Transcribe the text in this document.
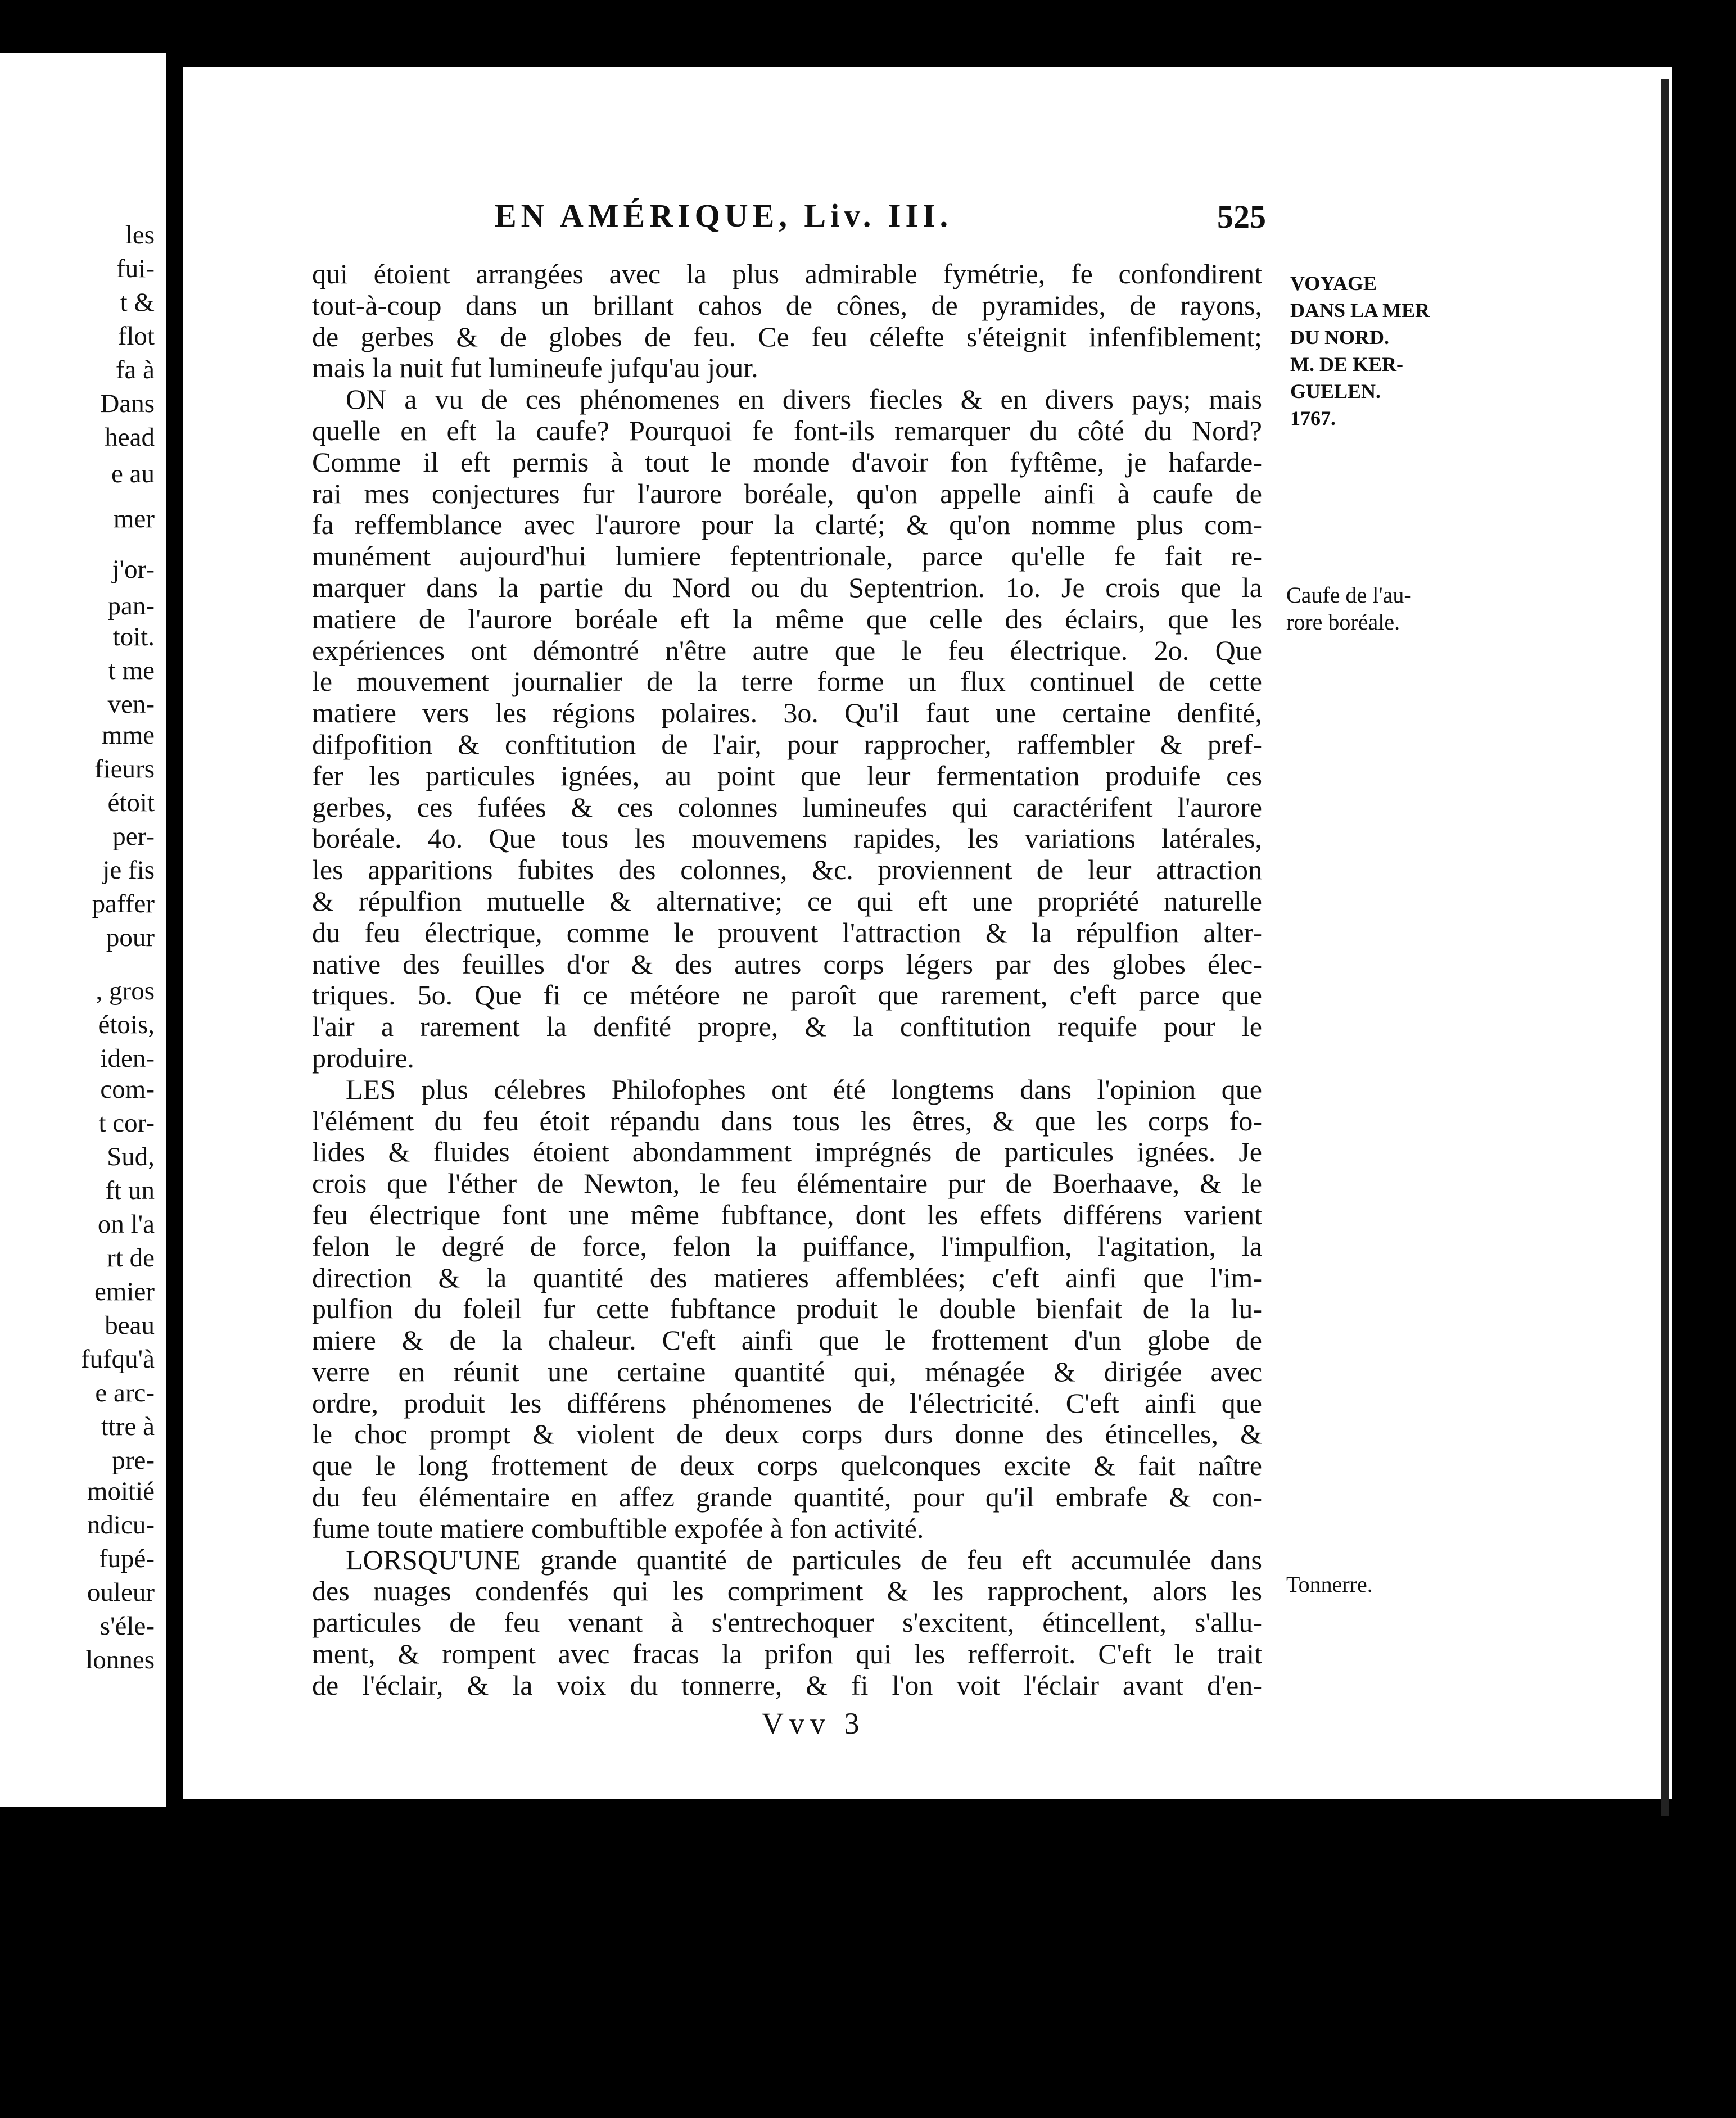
les
fui-
t &
flot
fa à
Dans
head
e au
mer
j'or-
pan-
toit.
t me
ven-
mme
fieurs
étoit
per-
je fis
paffer
pour
, gros
étois,
iden-
com-
t cor-
Sud,
ft un
on l'a
rt de
emier
beau
fufqu'à
e arc-
ttre à
pre-
moitié
ndicu-
fupé-
ouleur
s'éle-
lonnes
EN AMÉRIQUE, Liv. III.	525
VOYAGE
DANS LA MER
DU NORD.
M. DE KER-
GUELEN.
1767.
Caufe de l'au-
rore boréale.
Tonnerre.
qui étoient arrangées avec la plus admirable fymétrie, fe confondirent
tout-à-coup dans un brillant cahos de cônes, de pyramides, de rayons,
de gerbes & de globes de feu. Ce feu célefte s'éteignit infenfiblement;
mais la nuit fut lumineufe jufqu'au jour.
ON a vu de ces phénomenes en divers fiecles & en divers pays; mais
quelle en eft la caufe? Pourquoi fe font-ils remarquer du côté du Nord?
Comme il eft permis à tout le monde d'avoir fon fyftême, je hafarde-
rai mes conjectures fur l'aurore boréale, qu'on appelle ainfi à caufe de
fa reffemblance avec l'aurore pour la clarté; & qu'on nomme plus com-
munément aujourd'hui lumiere feptentrionale, parce qu'elle fe fait re-
marquer dans la partie du Nord ou du Septentrion. 1o. Je crois que la
matiere de l'aurore boréale eft la même que celle des éclairs, que les
expériences ont démontré n'être autre que le feu électrique. 2o. Que
le mouvement journalier de la terre forme un flux continuel de cette
matiere vers les régions polaires. 3o. Qu'il faut une certaine denfité,
difpofition & conftitution de l'air, pour rapprocher, raffembler & pref-
fer les particules ignées, au point que leur fermentation produife ces
gerbes, ces fufées & ces colonnes lumineufes qui caractérifent l'aurore
boréale. 4o. Que tous les mouvemens rapides, les variations latérales,
les apparitions fubites des colonnes, &c. proviennent de leur attraction
& répulfion mutuelle & alternative; ce qui eft une propriété naturelle
du feu électrique, comme le prouvent l'attraction & la répulfion alter-
native des feuilles d'or & des autres corps légers par des globes élec-
triques. 5o. Que fi ce météore ne paroît que rarement, c'eft parce que
l'air a rarement la denfité propre, & la conftitution requife pour le
produire.
LES plus célebres Philofophes ont été longtems dans l'opinion que
l'élément du feu étoit répandu dans tous les êtres, & que les corps fo-
lides & fluides étoient abondamment imprégnés de particules ignées. Je
crois que l'éther de Newton, le feu élémentaire pur de Boerhaave, & le
feu électrique font une même fubftance, dont les effets différens varient
felon le degré de force, felon la puiffance, l'impulfion, l'agitation, la
direction & la quantité des matieres affemblées; c'eft ainfi que l'im-
pulfion du foleil fur cette fubftance produit le double bienfait de la lu-
miere & de la chaleur. C'eft ainfi que le frottement d'un globe de
verre en réunit une certaine quantité qui, ménagée & dirigée avec
ordre, produit les différens phénomenes de l'électricité. C'eft ainfi que
le choc prompt & violent de deux corps durs donne des étincelles, &
que le long frottement de deux corps quelconques excite & fait naître
du feu élémentaire en affez grande quantité, pour qu'il embrafe & con-
fume toute matiere combuftible expofée à fon activité.
LORSQU'UNE grande quantité de particules de feu eft accumulée dans
des nuages condenfés qui les compriment & les rapprochent, alors les
particules de feu venant à s'entrechoquer s'excitent, étincellent, s'allu-
ment, & rompent avec fracas la prifon qui les refferroit. C'eft le trait
de l'éclair, & la voix du tonnerre, & fi l'on voit l'éclair avant d'en-
Vvv 3
